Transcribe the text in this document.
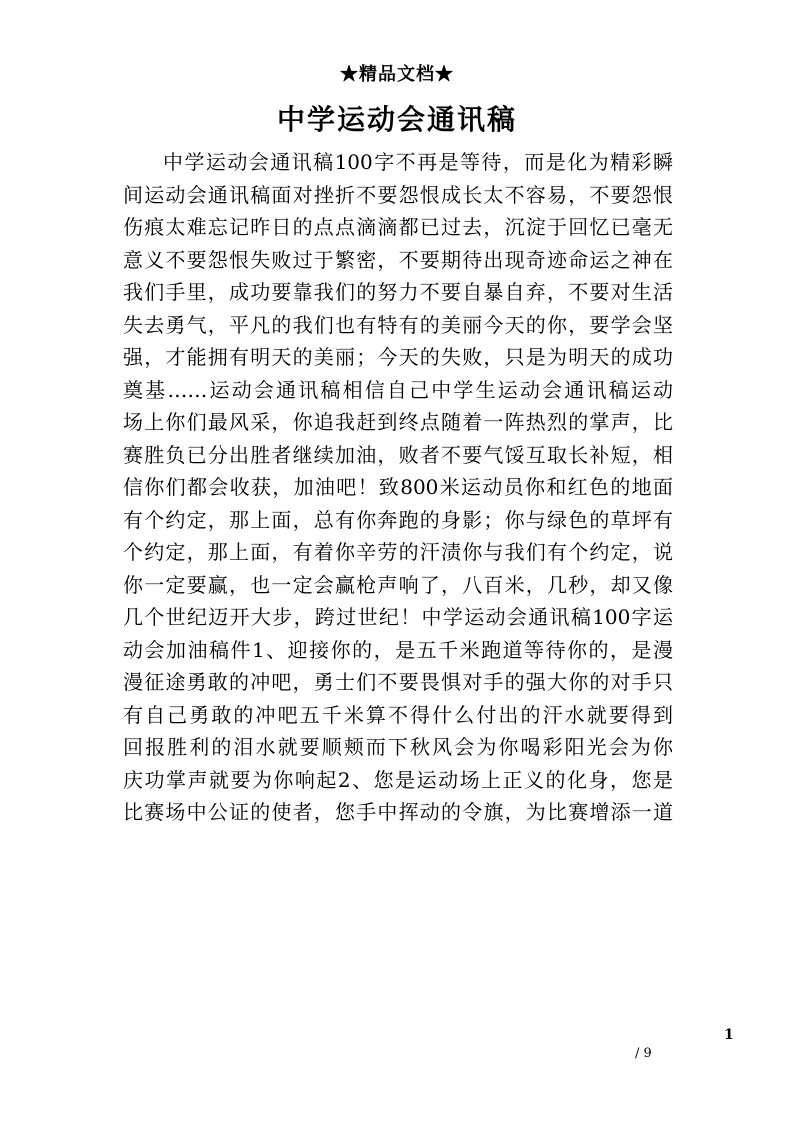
★精品文档★
中学运动会通讯稿
中学运动会通讯稿100字不再是等待，而是化为精彩瞬
间运动会通讯稿面对挫折不要怨恨成长太不容易，不要怨恨
伤痕太难忘记昨日的点点滴滴都已过去，沉淀于回忆已毫无
意义不要怨恨失败过于繁密，不要期待出现奇迹命运之神在
我们手里，成功要靠我们的努力不要自暴自弃，不要对生活
失去勇气，平凡的我们也有特有的美丽今天的你，要学会坚
强，才能拥有明天的美丽；今天的失败，只是为明天的成功
奠基……运动会通讯稿相信自己中学生运动会通讯稿运动
场上你们最风采，你追我赶到终点随着一阵热烈的掌声，比
赛胜负已分出胜者继续加油，败者不要气馁互取长补短，相
信你们都会收获，加油吧！致800米运动员你和红色的地面
有个约定，那上面，总有你奔跑的身影；你与绿色的草坪有
个约定，那上面，有着你辛劳的汗渍你与我们有个约定，说
你一定要赢，也一定会赢枪声响了，八百米，几秒，却又像
几个世纪迈开大步，跨过世纪！中学运动会通讯稿100字运
动会加油稿件1、迎接你的，是五千米跑道等待你的，是漫
漫征途勇敢的冲吧，勇士们不要畏惧对手的强大你的对手只
有自己勇敢的冲吧五千米算不得什么付出的汗水就要得到
回报胜利的泪水就要顺颊而下秋风会为你喝彩阳光会为你
庆功掌声就要为你响起2、您是运动场上正义的化身，您是
比赛场中公证的使者，您手中挥动的令旗，为比赛增添一道
1
/ 9
